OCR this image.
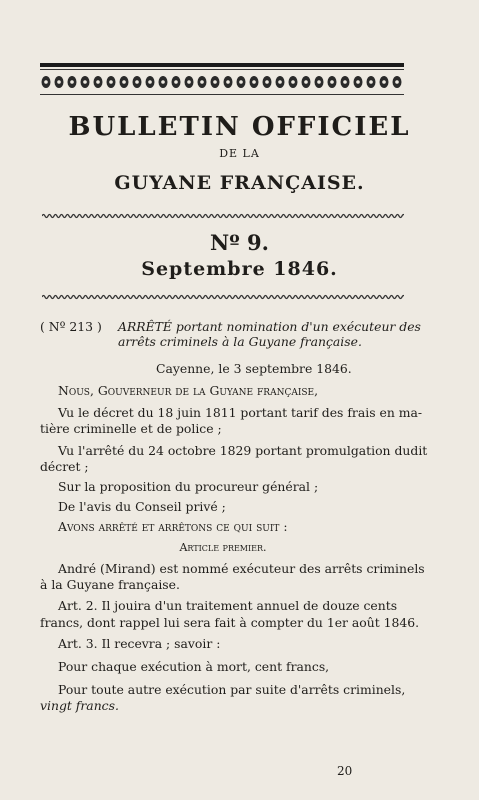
BULLETIN OFFICIEL
DE LA
GUYANE FRANÇAISE.
Nº 9.
Septembre 1846.
( Nº 213 ) ARRÊTÉ portant nomination d'un exécuteur des
arrêts criminels à la Guyane française.
Cayenne, le 3 septembre 1846.
Nous, Gouverneur de la Guyane française,
Vu le décret du 18 juin 1811 portant tarif des frais en ma-
tière criminelle et de police ;
Vu l'arrêté du 24 octobre 1829 portant promulgation dudit
décret ;
Sur la proposition du procureur général ;
De l'avis du Conseil privé ;
Avons arrêté et arrêtons ce qui suit :
Article premier.
André (Mirand) est nommé exécuteur des arrêts criminels
à la Guyane française.
Art. 2. Il jouira d'un traitement annuel de douze cents
francs, dont rappel lui sera fait à compter du 1er août 1846.
Art. 3. Il recevra ; savoir :
Pour chaque exécution à mort, cent francs,
Pour toute autre exécution par suite d'arrêts criminels,
vingt francs.
20
